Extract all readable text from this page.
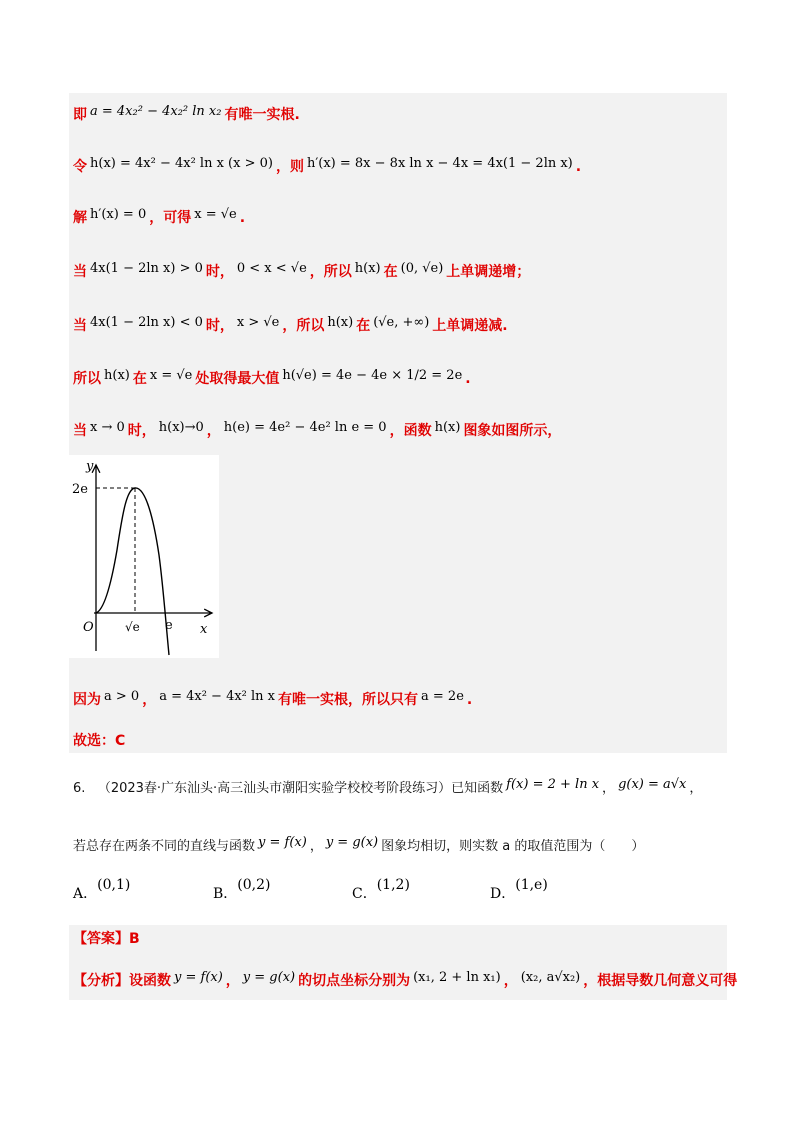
即 a = 4x₂² − 4x₂² ln x₂ 有唯一实根.
令 h(x) = 4x² − 4x² ln x (x > 0) ，则 h′(x) = 8x − 8x ln x − 4x = 4x(1 − 2ln x) .
解 h′(x) = 0 ，可得 x = √e .
当 4x(1 − 2ln x) > 0 时， 0 < x < √e ，所以 h(x) 在 (0, √e) 上单调递增；
当 4x(1 − 2ln x) < 0 时， x > √e ，所以 h(x) 在 (√e, +∞) 上单调递减.
所以 h(x) 在 x = √e 处取得最大值 h(√e) = 4e − 4e × 1/2 = 2e .
当 x → 0 时， h(x)→0 ， h(e) = 4e² − 4e² ln e = 0 ，函数 h(x) 图象如图所示，
y
x
O
2e
√e e
因为 a > 0 ， a = 4x² − 4x² ln x 有唯一实根，所以只有 a = 2e .
故选：C
6. （2023春·广东汕头·高三汕头市潮阳实验学校校考阶段练习）已知函数 f(x) = 2 + ln x ， g(x) = a√x ，
若总存在两条不同的直线与函数 y = f(x) ， y = g(x) 图象均相切，则实数 a 的取值范围为（　　）
A．(0,1)
B．(0,2)
C．(1,2)
D．(1,e)
【答案】B
【分析】设函数 y = f(x) ， y = g(x) 的切点坐标分别为 (x₁, 2 + ln x₁) ， (x₂, a√x₂) ，根据导数几何意义可得
